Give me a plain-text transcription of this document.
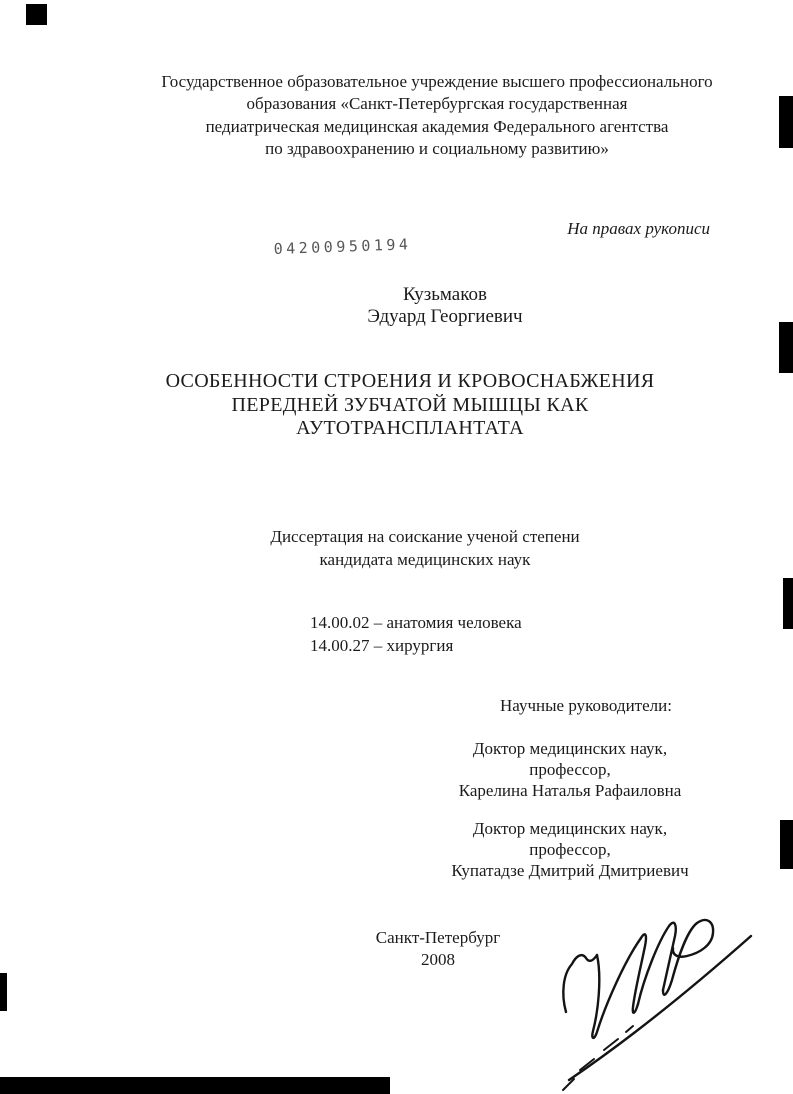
Государственное образовательное учреждение высшего профессионального
образования «Санкт-Петербургская государственная
педиатрическая медицинская академия Федерального агентства
по здравоохранению и социальному развитию»
На правах рукописи
04200950194
Кузьмаков
Эдуард Георгиевич
ОСОБЕННОСТИ СТРОЕНИЯ И КРОВОСНАБЖЕНИЯ
ПЕРЕДНЕЙ ЗУБЧАТОЙ МЫШЦЫ КАК
АУТОТРАНСПЛАНТАТА
Диссертация на соискание ученой степени
кандидата медицинских наук
14.00.02 – анатомия человека
14.00.27 – хирургия
Научные руководители:
Доктор медицинских наук,
профессор,
Карелина Наталья Рафаиловна
Доктор медицинских наук,
профессор,
Купатадзе Дмитрий Дмитриевич
Санкт-Петербург
2008
